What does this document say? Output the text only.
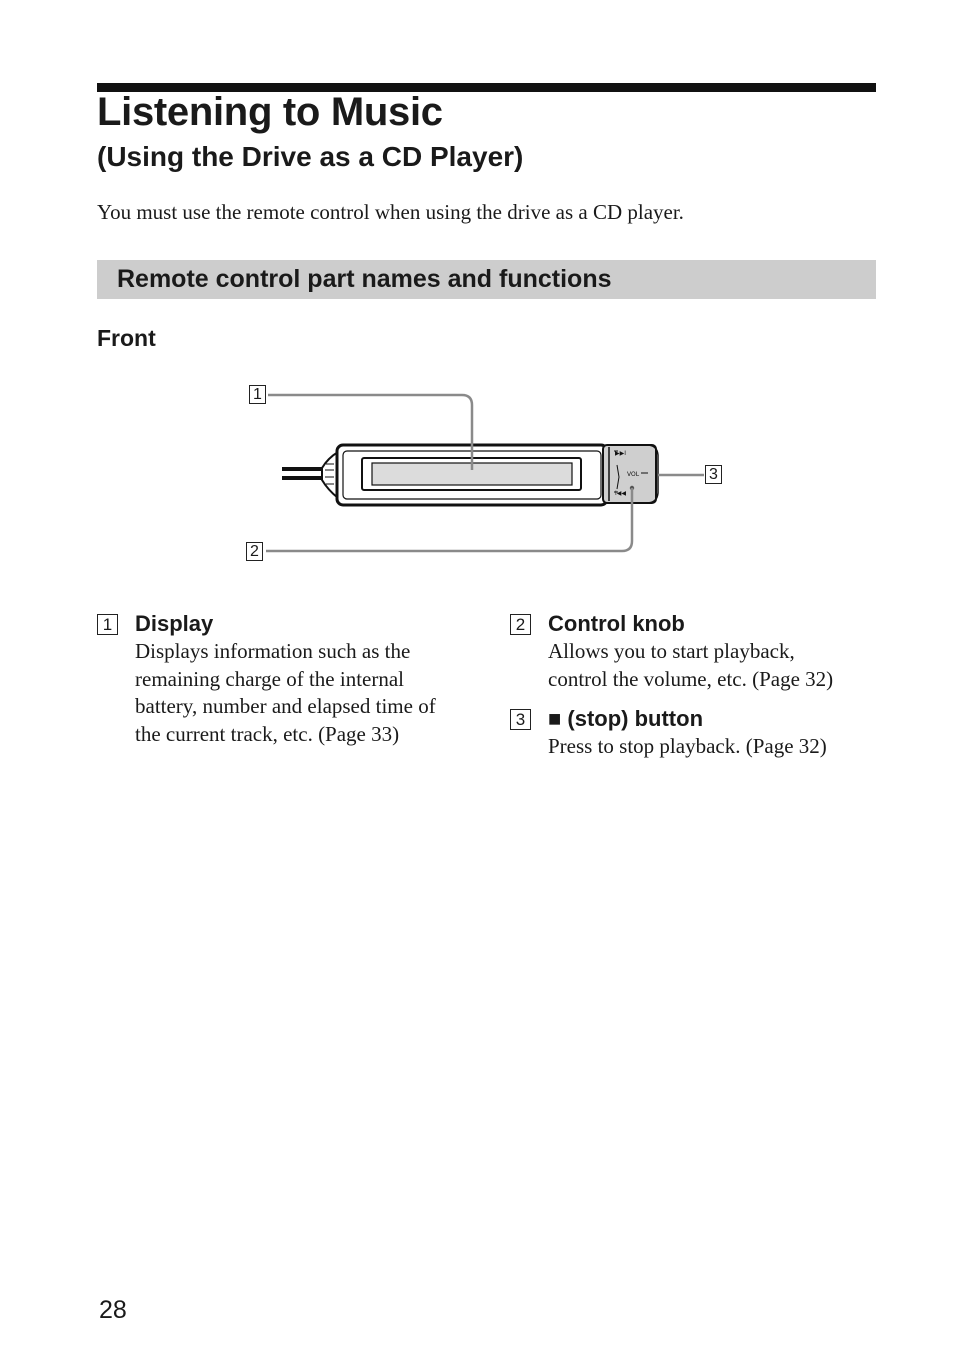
Listening to Music
(Using the Drive as a CD Player)
You must use the remote control when using the drive as a CD player.
Remote control part names and functions
Front
▶▶I
I◀◀
VOL
1
2
3
1 Display
Displays information such as the
remaining charge of the internal
battery, number and elapsed time of
the current track, etc. (Page 33)
2 Control knob
Allows you to start playback,
control the volume, etc. (Page 32)
3 ■ (stop) button
Press to stop playback. (Page 32)
28
